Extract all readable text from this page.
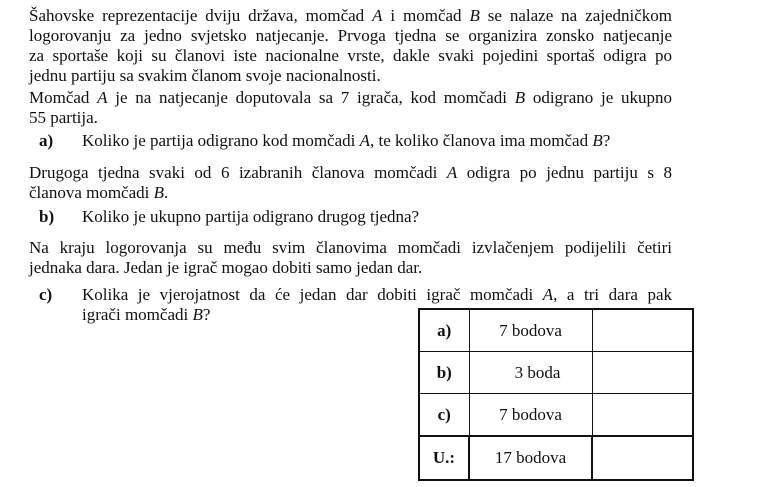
Šahovske reprezentacije dviju država, momčad A i momčad B se nalaze na zajedničkom
logorovanju za jedno svjetsko natjecanje. Prvoga tjedna se organizira zonsko natjecanje
za sportaše koji su članovi iste nacionalne vrste, dakle svaki pojedini sportaš odigra po
jednu partiju sa svakim članom svoje nacionalnosti.
Momčad A je na natjecanje doputovala sa 7 igrača, kod momčadi B odigrano je ukupno
55 partija.
a) Koliko je partija odigrano kod momčadi A, te koliko članova ima momčad B?
Drugoga tjedna svaki od 6 izabranih članova momčadi A odigra po jednu partiju s 8
članova momčadi B.
b) Koliko je ukupno partija odigrano drugog tjedna?
Na kraju logorovanja su među svim članovima momčadi izvlačenjem podijelili četiri
jednaka dara. Jedan je igrač mogao dobiti samo jedan dar.
c) Kolika je vjerojatnost da će jedan dar dobiti igrač momčadi A, a tri dara pak
igrači momčadi B?
a)	7 bodova	
b)	3 boda	
c)	7 bodova	
U.:	17 bodova	
